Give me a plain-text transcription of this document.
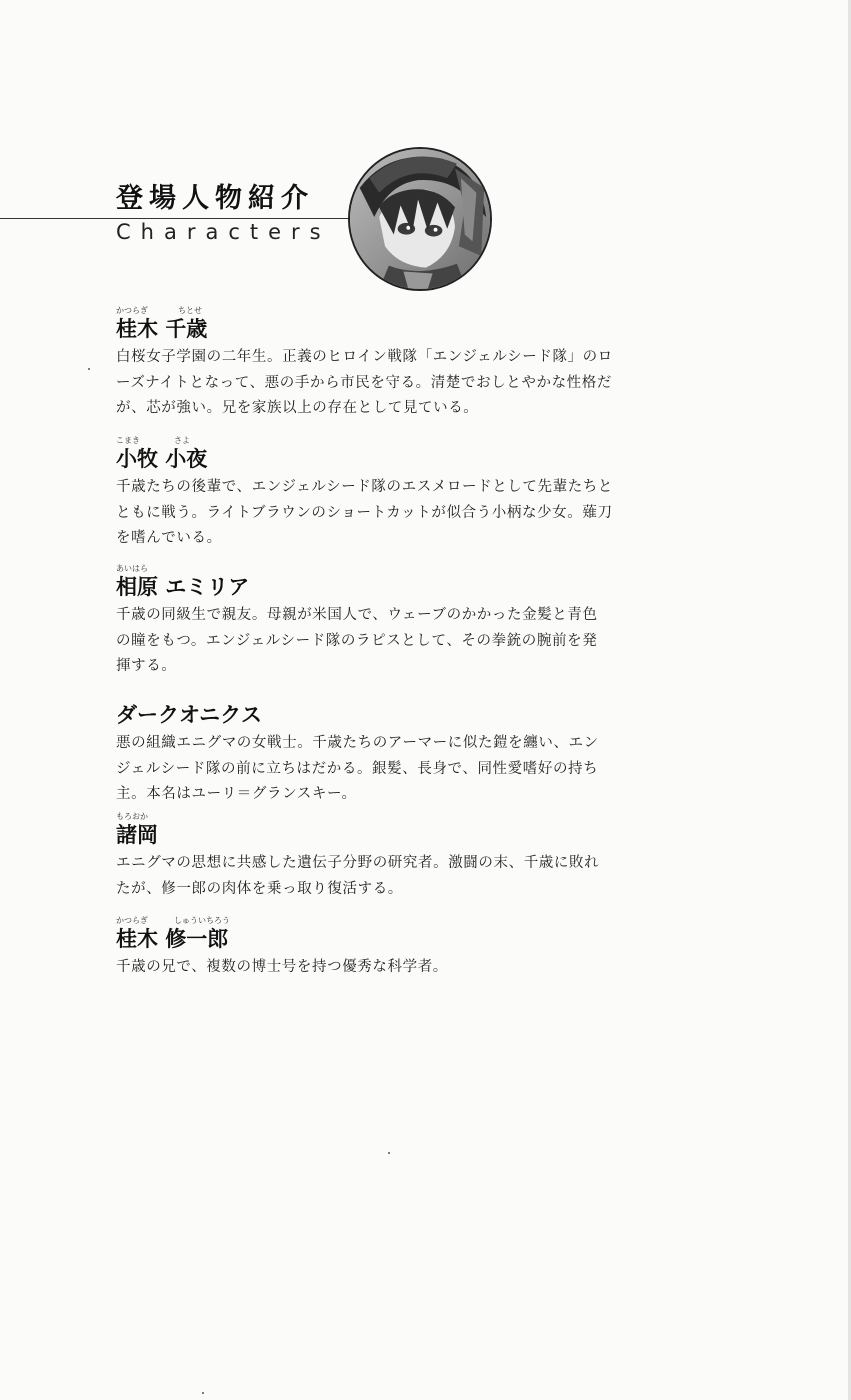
登場人物紹介
Characters
かつらぎ	ちとせ
桂木 千歳
白桜女子学園の二年生。正義のヒロイン戦隊「エンジェルシード隊」のロ
ーズナイトとなって、悪の手から市民を守る。清楚でおしとやかな性格だ
が、芯が強い。兄を家族以上の存在として見ている。
こまき	さよ
小牧 小夜
千歳たちの後輩で、エンジェルシード隊のエスメロードとして先輩たちと
ともに戦う。ライトブラウンのショートカットが似合う小柄な少女。薙刀
を嗜んでいる。
あいはら
相原 エミリア
千歳の同級生で親友。母親が米国人で、ウェーブのかかった金髪と青色
の瞳をもつ。エンジェルシード隊のラピスとして、その拳銃の腕前を発
揮する。
ダークオニクス
悪の組織エニグマの女戦士。千歳たちのアーマーに似た鎧を纏い、エン
ジェルシード隊の前に立ちはだかる。銀髪、長身で、同性愛嗜好の持ち
主。本名はユーリ＝グランスキー。
もろおか
諸岡
エニグマの思想に共感した遺伝子分野の研究者。激闘の末、千歳に敗れ
たが、修一郎の肉体を乗っ取り復活する。
かつらぎ	しゅういちろう
桂木 修一郎
千歳の兄で、複数の博士号を持つ優秀な科学者。
